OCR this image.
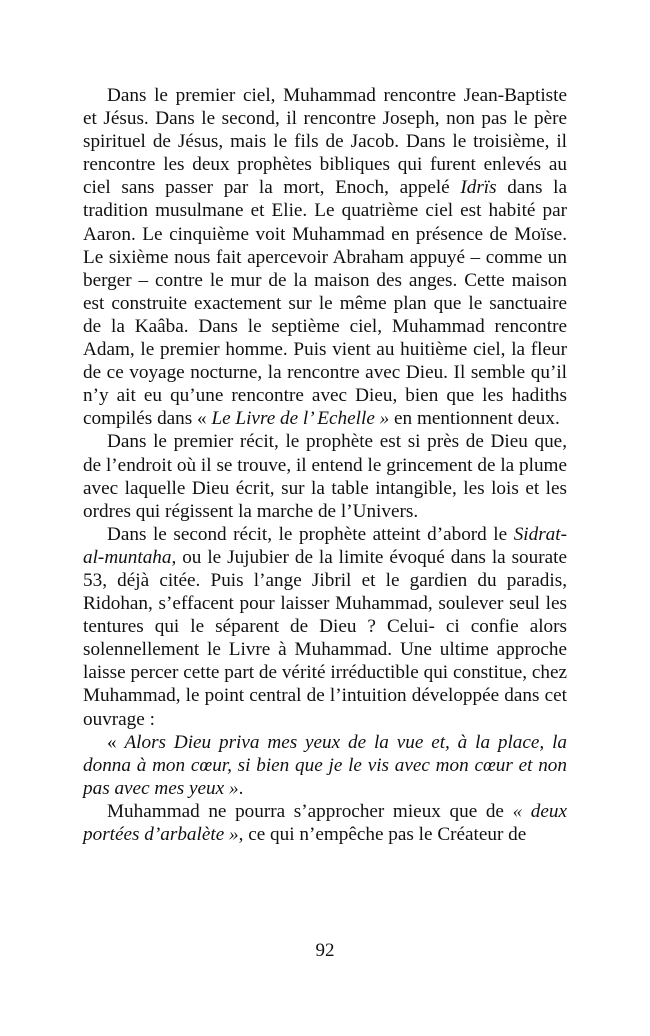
Dans le premier ciel, Muhammad rencontre Jean-Baptiste et Jésus. Dans le second, il rencontre Joseph, non pas le père spirituel de Jésus, mais le fils de Jacob. Dans le troisième, il rencontre les deux prophètes bibliques qui furent enlevés au ciel sans passer par la mort, Enoch, appelé Idrïs dans la tradition musulmane et Elie. Le quatrième ciel est habité par Aaron. Le cinquième voit Muhammad en présence de Moïse. Le sixième nous fait apercevoir Abraham appuyé – comme un berger – contre le mur de la maison des anges. Cette maison est construite exactement sur le même plan que le sanctuaire de la Kaâba. Dans le septième ciel, Muhammad rencontre Adam, le premier homme. Puis vient au huitième ciel, la fleur de ce voyage nocturne, la rencontre avec Dieu. Il semble qu’il n’y ait eu qu’une rencontre avec Dieu, bien que les hadiths compilés dans « Le Livre de l’ Echelle » en mentionnent deux.

Dans le premier récit, le prophète est si près de Dieu que, de l’endroit où il se trouve, il entend le grincement de la plume avec laquelle Dieu écrit, sur la table intangible, les lois et les ordres qui régissent la marche de l’Univers.

Dans le second récit, le prophète atteint d’abord le Sidrat- al-muntaha, ou le Jujubier de la limite évoqué dans la sourate 53, déjà citée. Puis l’ange Jibril et le gardien du paradis, Ridohan, s’effacent pour laisser Muhammad, soulever seul les tentures qui le séparent de Dieu ? Celui- ci confie alors solennellement le Livre à Muhammad. Une ultime approche laisse percer cette part de vérité irréductible qui constitue, chez Muhammad, le point central de l’intuition développée dans cet ouvrage :

« Alors Dieu priva mes yeux de la vue et, à la place, la donna à mon cœur, si bien que je le vis avec mon cœur et non pas avec mes yeux ».

Muhammad ne pourra s’approcher mieux que de « deux portées d’arbalète », ce qui n’empêche pas le Créateur de

92
